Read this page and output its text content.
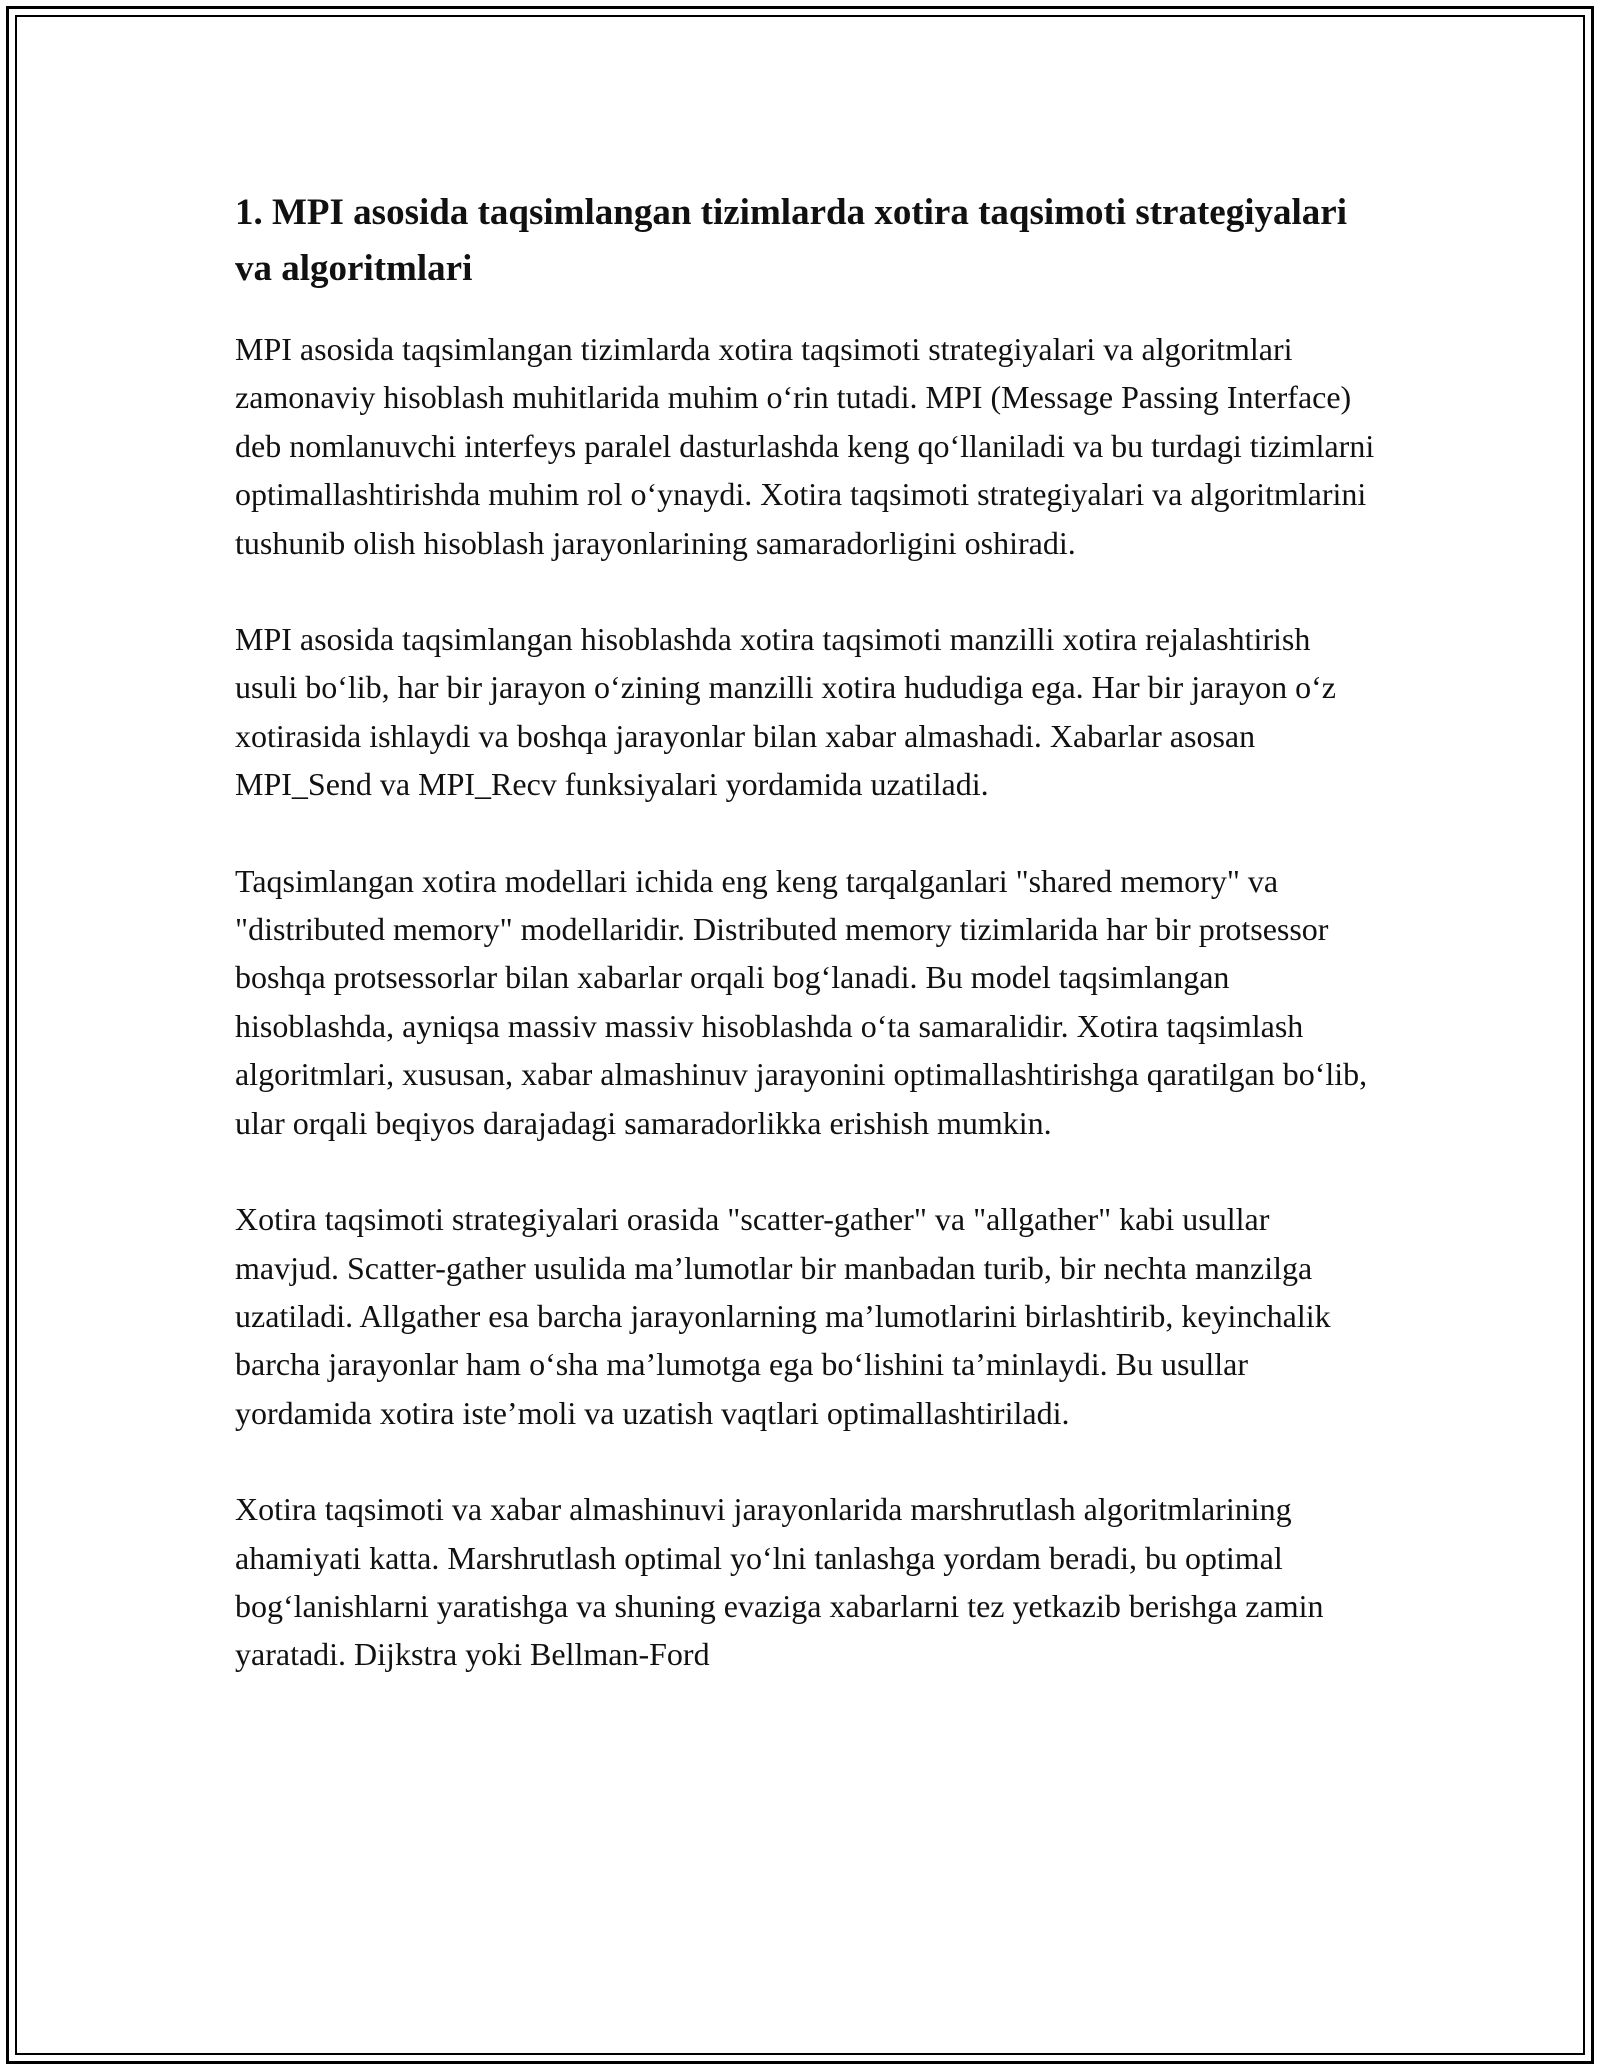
1. MPI asosida taqsimlangan tizimlarda xotira taqsimoti strategiyalari va algoritmlari

MPI asosida taqsimlangan tizimlarda xotira taqsimoti strategiyalari va algoritmlari zamonaviy hisoblash muhitlarida muhim o‘rin tutadi. MPI (Message Passing Interface) deb nomlanuvchi interfeys paralel dasturlashda keng qo‘llaniladi va bu turdagi tizimlarni optimallashtirishda muhim rol o‘ynaydi. Xotira taqsimoti strategiyalari va algoritmlarini tushunib olish hisoblash jarayonlarining samaradorligini oshiradi.

MPI asosida taqsimlangan hisoblashda xotira taqsimoti manzilli xotira rejalashtirish usuli bo‘lib, har bir jarayon o‘zining manzilli xotira hududiga ega. Har bir jarayon o‘z xotirasida ishlaydi va boshqa jarayonlar bilan xabar almashadi. Xabarlar asosan MPI_Send va MPI_Recv funksiyalari yordamida uzatiladi.

Taqsimlangan xotira modellari ichida eng keng tarqalganlari "shared memory" va "distributed memory" modellaridir. Distributed memory tizimlarida har bir protsessor boshqa protsessorlar bilan xabarlar orqali bog‘lanadi. Bu model taqsimlangan hisoblashda, ayniqsa massiv massiv hisoblashda o‘ta samaralidir. Xotira taqsimlash algoritmlari, xususan, xabar almashinuv jarayonini optimallashtirishga qaratilgan bo‘lib, ular orqali beqiyos darajadagi samaradorlikka erishish mumkin.

Xotira taqsimoti strategiyalari orasida "scatter-gather" va "allgather" kabi usullar mavjud. Scatter-gather usulida ma’lumotlar bir manbadan turib, bir nechta manzilga uzatiladi. Allgather esa barcha jarayonlarning ma’lumotlarini birlashtirib, keyinchalik barcha jarayonlar ham o‘sha ma’lumotga ega bo‘lishini ta’minlaydi. Bu usullar yordamida xotira iste’moli va uzatish vaqtlari optimallashtiriladi.

Xotira taqsimoti va xabar almashinuvi jarayonlarida marshrutlash algoritmlarining ahamiyati katta. Marshrutlash optimal yo‘lni tanlashga yordam beradi, bu optimal bog‘lanishlarni yaratishga va shuning evaziga xabarlarni tez yetkazib berishga zamin yaratadi. Dijkstra yoki Bellman-Ford
